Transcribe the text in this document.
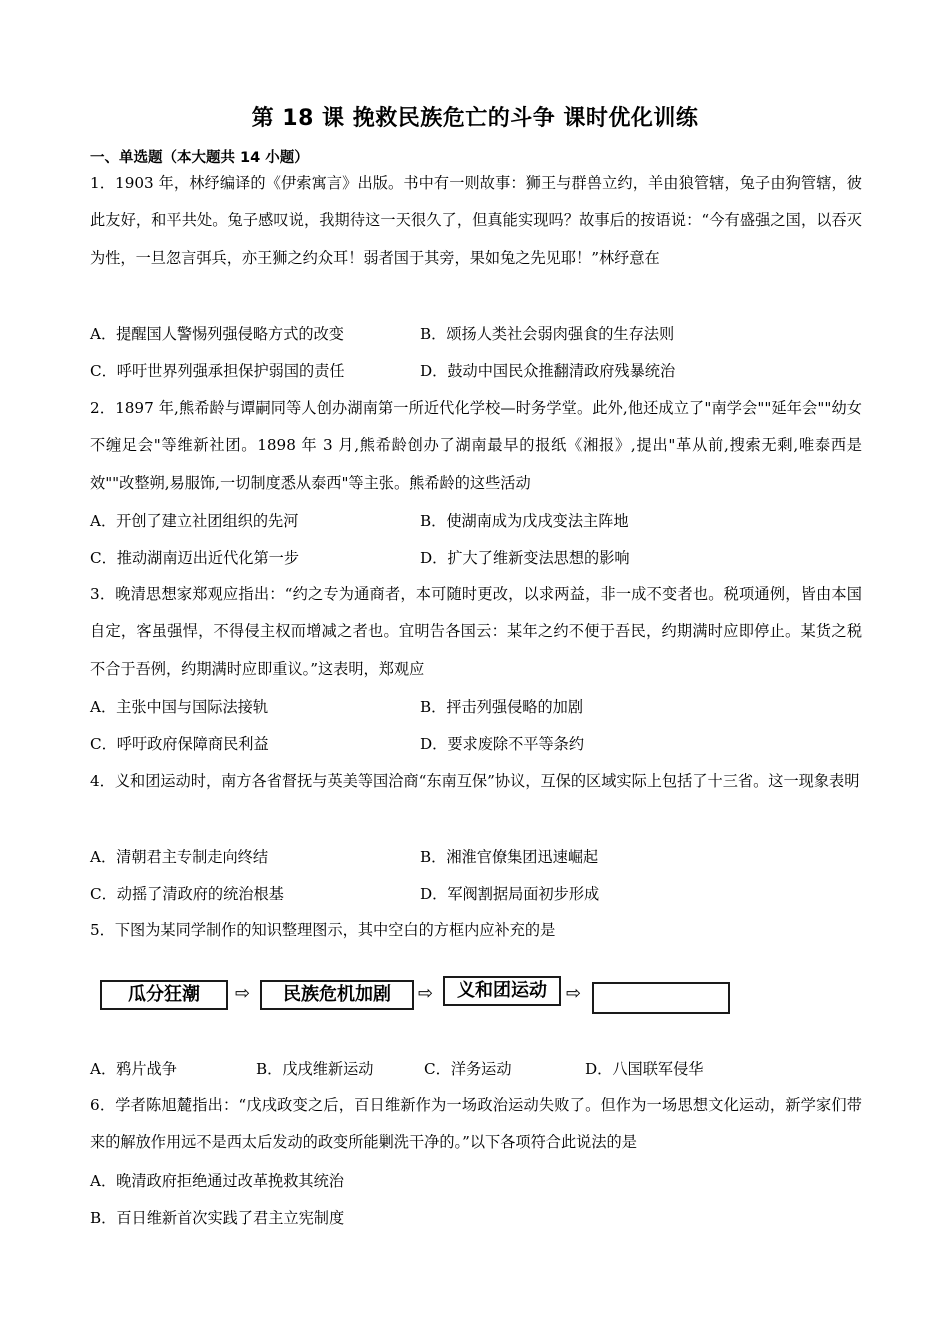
第 18 课 挽救民族危亡的斗争 课时优化训练
一、单选题（本大题共 14 小题）

1．1903 年，林纾编译的《伊索寓言》出版。书中有一则故事：狮王与群兽立约，羊由狼管辖，兔子由狗管辖，彼此友好，和平共处。兔子感叹说，我期待这一天很久了，但真能实现吗？故事后的按语说：“今有盛强之国，以吞灭为性，一旦忽言弭兵，亦王狮之约众耳！弱者国于其旁，果如兔之先见耶！”林纾意在

A．提醒国人警惕列强侵略方式的改变	B．颂扬人类社会弱肉强食的生存法则
C．呼吁世界列强承担保护弱国的责任	D．鼓动中国民众推翻清政府残暴统治

2．1897 年,熊希龄与谭嗣同等人创办湖南第一所近代化学校—时务学堂。此外,他还成立了"南学会""延年会""幼女不缠足会"等维新社团。1898 年 3 月,熊希龄创办了湖南最早的报纸《湘报》,提出"革从前,搜索无剩,唯泰西是效""改整朔,易服饰,一切制度悉从泰西"等主张。熊希龄的这些活动

A．开创了建立社团组织的先河	B．使湖南成为戊戌变法主阵地
C．推动湖南迈出近代化第一步	D．扩大了维新变法思想的影响

3．晚清思想家郑观应指出：“约之专为通商者，本可随时更改，以求两益，非一成不变者也。税项通例，皆由本国自定，客虽强悍，不得侵主权而增减之者也。宜明告各国云：某年之约不便于吾民，约期满时应即停止。某货之税不合于吾例，约期满时应即重议。”这表明，郑观应

A．主张中国与国际法接轨	B．抨击列强侵略的加剧
C．呼吁政府保障商民利益	D．要求废除不平等条约

4．义和团运动时，南方各省督抚与英美等国洽商“东南互保”协议，互保的区域实际上包括了十三省。这一现象表明

A．清朝君主专制走向终结	B．湘淮官僚集团迅速崛起
C．动摇了清政府的统治根基	D．军阀割据局面初步形成

5．下图为某同学制作的知识整理图示，其中空白的方框内应补充的是

瓜分狂潮	⇨	民族危机加剧	⇨	义和团运动	⇨
A．鸦片战争	B．戊戌维新运动	C．洋务运动	D．八国联军侵华

6．学者陈旭麓指出：“戊戌政变之后，百日维新作为一场政治运动失败了。但作为一场思想文化运动，新学家们带来的解放作用远不是西太后发动的政变所能剿洗干净的。”以下各项符合此说法的是

A．晚清政府拒绝通过改革挽救其统治
B．百日维新首次实践了君主立宪制度
